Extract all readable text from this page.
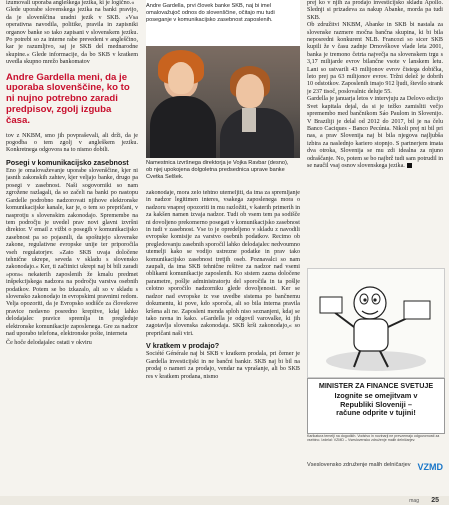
izumovali uporaba angleškega jezika, ki je logično.«
Glede uporabe slovenskega jezika na banki pravijo, da je slovenščina uradni jezik v SKB. »Vsa operativna navodila, politike, pravila in zapisniki organov banke so tako zapisani v slovenskem jeziku. Po potrebi so za interne rabe prevedeni v angleščino, kar je razumljivo, saj je SKB del mednarodne skupine.« Glede informacije, da bo SKB v kratkem uvedla skupno mrežo bankomatov

Andre Gardella meni, da je uporaba slovenščine, ko to ni nujno potrebno zaradi predpisov, zgolj izguba časa.

tov z NKBM, smo jih povpraševali, ali drži, da je pogodba o tem zgolj v angleškem jeziku. Konkretnega odgovora na to nismo dobili.

Posegi v komunikacijsko zasebnost

Eno je omalovaževanje uporabe slovenščine, kjer ni jasnih zakonskih zahtev, kjer veljajo banke, drugo pa posegi v zasebnost. Naši sogovorniki so nam zgrožene razlagali, da so začeli na banki po nastopu Gardelle podrobno nadzorovati njihove elektronske komunikacijske kanale, kar je, o tem so prepričani, v nasprotju s slovenskim zakonodajo. Spremembe na tem področju je uvedel prav novi glavni izvršni direktor. V email z vižbi o posegih v komunikacijsko zasebnost pa so pojasnili, da spoštujejo slovenske zakone, regulativne evropske unije ter priporočila vseh regulatorjev. »Zato SKB uvaja določene tehnične ukrepe, sevedа v skladu s slovensko zakonodajo.« Ker, ti začitnici ukrepi naj bi bili zaradi »pora« nekaterih zaposlenih že kmalu predmet inšpekcijskega nadzora na področju varstva osebnih podatkov. Potem se bo izkazalo, ali so v skladu s slovensko zakonodajo in evropskimi pravnimi redom. Velja opozoriti, da je Evropsko sodišče za človekove pravice nedavno posredno krepitve, kdaj lahko delodajalec pravice spremlja in pregleduje elektronske komunikacije zaposlenega. Gre za nadzor nad uporabo telefona, elektronske pošte, interneta

Če hoče delodajalec ostati v okviru

Andre Gardella, prvi človek banke SKB, naj bi imel omalovažujoč odnos do slovenščine, očitajo mu tudi poseganje v komunikacijsko zasebnost zaposlenih.
Namestnica izvršnega direktorja je Vojka Ravbar (desno), ob njej upokojena dolgoletna predsednica uprave banke Cvetka Selšek.

zakonodaje, mora zelo tehtno utemeljiti, da ima za spremljanje in nadzor legitimen interes, vsakega zaposlenega mora o nadzoru vnaprej opozoriti in mu razložiti, v katerih primerih in za kakšen namen izvaja nadzor. Tudi ob vsem tem pa sodišče ni dovoljeno prekomerno posegati v komunikacijsko zasebnost in tudi v zasebnost. Vse to je opredeljeno v skladu z navodili evropske komisije za varstvo osebnih podatkov. Recimo ob pregledovanju zasebnih sporočil lahko delodajalec nedvoumno utemelji kako se vodijo ustrezne podatke in prav tako komunikacijsko zasebnost tretjih oseb. Poznavalci so nam zaupali, da ima SKB tehnične rešitve za nadzor nad vsemi oblikami komunikacije zaposlenih. Ko sistem zazna določene parametre, pošlje administratorju del sporočila in ta pošlje celotno sporočilo nadzorniku glede dovoljenosti. Ker se nadzor nad evropske iz vse uvedbe sistema po bančnemu dokumentu, ki pove, kdo sporoča, ali so bila interna pravila kršena ali ne. Zaposleni menda sploh niso seznanjeni, kdaj se tako ravna in kako. »Gardella je odgovil varovalke, ki jih zagotavlja slovenska zakonodaja. SKB krši zakonodajo,« so prepričani naši viri.

V kratkem v prodajo?

Société Générale naj bi SKB v kratkem prodala, pri čemer je Gardella investicijski in ne bančni bankir. SKB naj bi bil na prodaj o nameri za prodajo, vendar na vprašanje, ali bo SKB res v kratkem prodana, nismo

prej ko v njih za prodajo investicijsko skladu Apollo. Slednji si prizadeva za nakup Abanke, morda pa tudi SKB.
Ob združitvi NKBM, Abanke in SKB bi nastala za slovenske razmere močna bančna skupina, ki bi bila neposredni konkurent NLB. Francozi so sicer SKB kupili že v času zadnje Drnovškove vlade leta 2001, banka je tremono četrta največja na slovenskem trgu s 3,17 milijarde evrov bilančne vsote v lanskem letu. Lani so ustvarili 43 milijonov evrov čistega dobička, leto prej pa 63 milijonov evrov. Tržni delež je dobrih 10 odstotkov. Zaposlenih imajo 912 ljudi, število strank je 237 tisoč, poslovalnic deluje 55.
Gardella je januarja letos v intervjuju za Delovo edicijo Svet kapitala dejal, da si je težko zamisliti večjo spremembo med bančnikom Sáo Paulom in Slovenijo. V Braziliji je delal od 2012 do 2017, bil je na čelu Banco Caciques - Banco Pecúnia. Nikoli prej ni bil pri nas, a prav Slovenija naj bi bila njegova najljubša izbira za naslednjo kariero stopnjo. S partnerjem imata dva otroka, Slovenija se mu zdi idealna za njuno odraščanje. No, potem se bo najbrž tudi sam potrudil in se naučil vsaj osnov slovenskega jezika.

MINISTER ZA FINANCE SVETUJE
Izognite se omejitvam v
Republiki Sloveniji –
račune odprite v tujini!
Karikatura temelji na dogodkih. Vodstvo in novinarji ne prevzemajo odgovornosti za vsebino. Izdelal: VZMD – Vseslovensko združenje malih delničarjev.
Vseslovensko združenje malih delničarjev VZMD
mag 25
